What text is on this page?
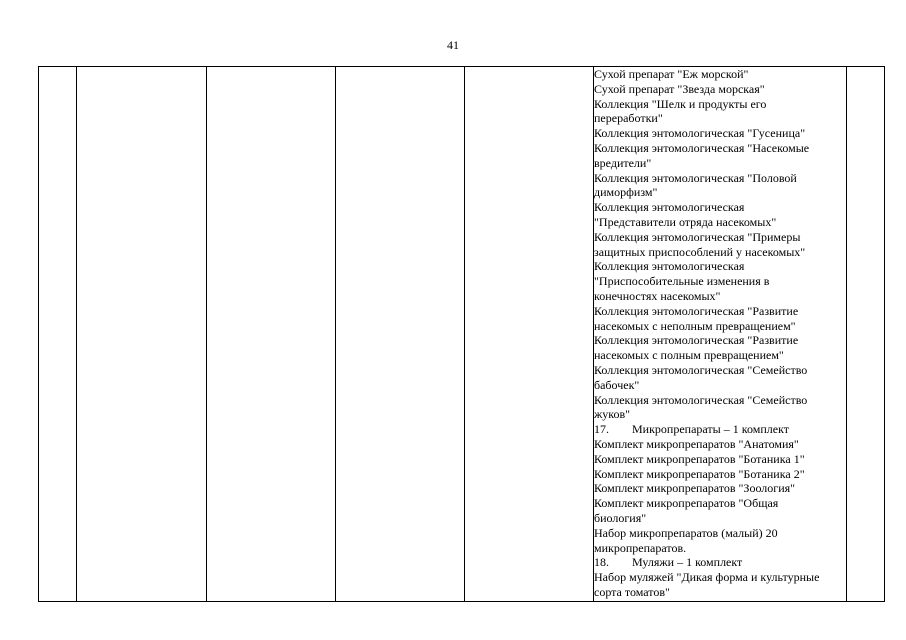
41

Сухой препарат "Еж морской"
Сухой препарат "Звезда морская"
Коллекция "Шелк и продукты его
переработки"
Коллекция энтомологическая "Гусеница"
Коллекция энтомологическая "Насекомые
вредители"
Коллекция энтомологическая "Половой
диморфизм"
Коллекция энтомологическая
"Представители отряда насекомых"
Коллекция энтомологическая "Примеры
защитных приспособлений у насекомых"
Коллекция энтомологическая
"Приспособительные изменения в
конечностях насекомых"
Коллекция энтомологическая "Развитие
насекомых с неполным превращением"
Коллекция энтомологическая "Развитие
насекомых с полным превращением"
Коллекция энтомологическая "Семейство
бабочек"
Коллекция энтомологическая "Семейство
жуков"
17. Микропрепараты – 1 комплект
Комплект микропрепаратов "Анатомия"
Комплект микропрепаратов "Ботаника 1"
Комплект микропрепаратов "Ботаника 2"
Комплект микропрепаратов "Зоология"
Комплект микропрепаратов "Общая
биология"
Набор микропрепаратов (малый) 20
микропрепаратов.
18. Муляжи – 1 комплект
Набор муляжей "Дикая форма и культурные
сорта томатов"
